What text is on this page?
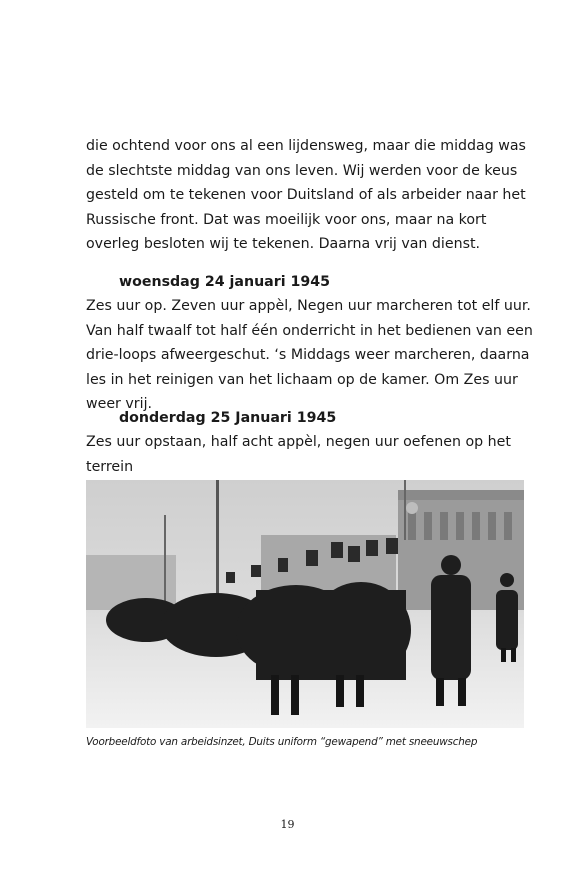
die ochtend voor ons al een lijdensweg, maar die middag was de slechtste middag van ons leven. Wij werden voor de keus gesteld om te tekenen voor Duitsland of als arbeider naar het Russische front. Dat was moeilijk voor ons, maar na kort overleg besloten wij te tekenen. Daarna vrij van dienst.
woensdag 24 januari 1945
Zes uur op. Zeven uur appèl, Negen uur marcheren tot elf uur. Van half twaalf tot half één onderricht in het bedienen van een drie-loops afweergeschut. ‘s Middags weer marcheren, daarna les in het reinigen van het lichaam op de kamer. Om Zes uur weer vrij.
donderdag 25 Januari 1945
Zes uur opstaan, half acht appèl, negen uur oefenen op het terrein
Voorbeeldfoto van arbeidsinzet, Duits uniform “gewapend” met sneeuwschep
19
